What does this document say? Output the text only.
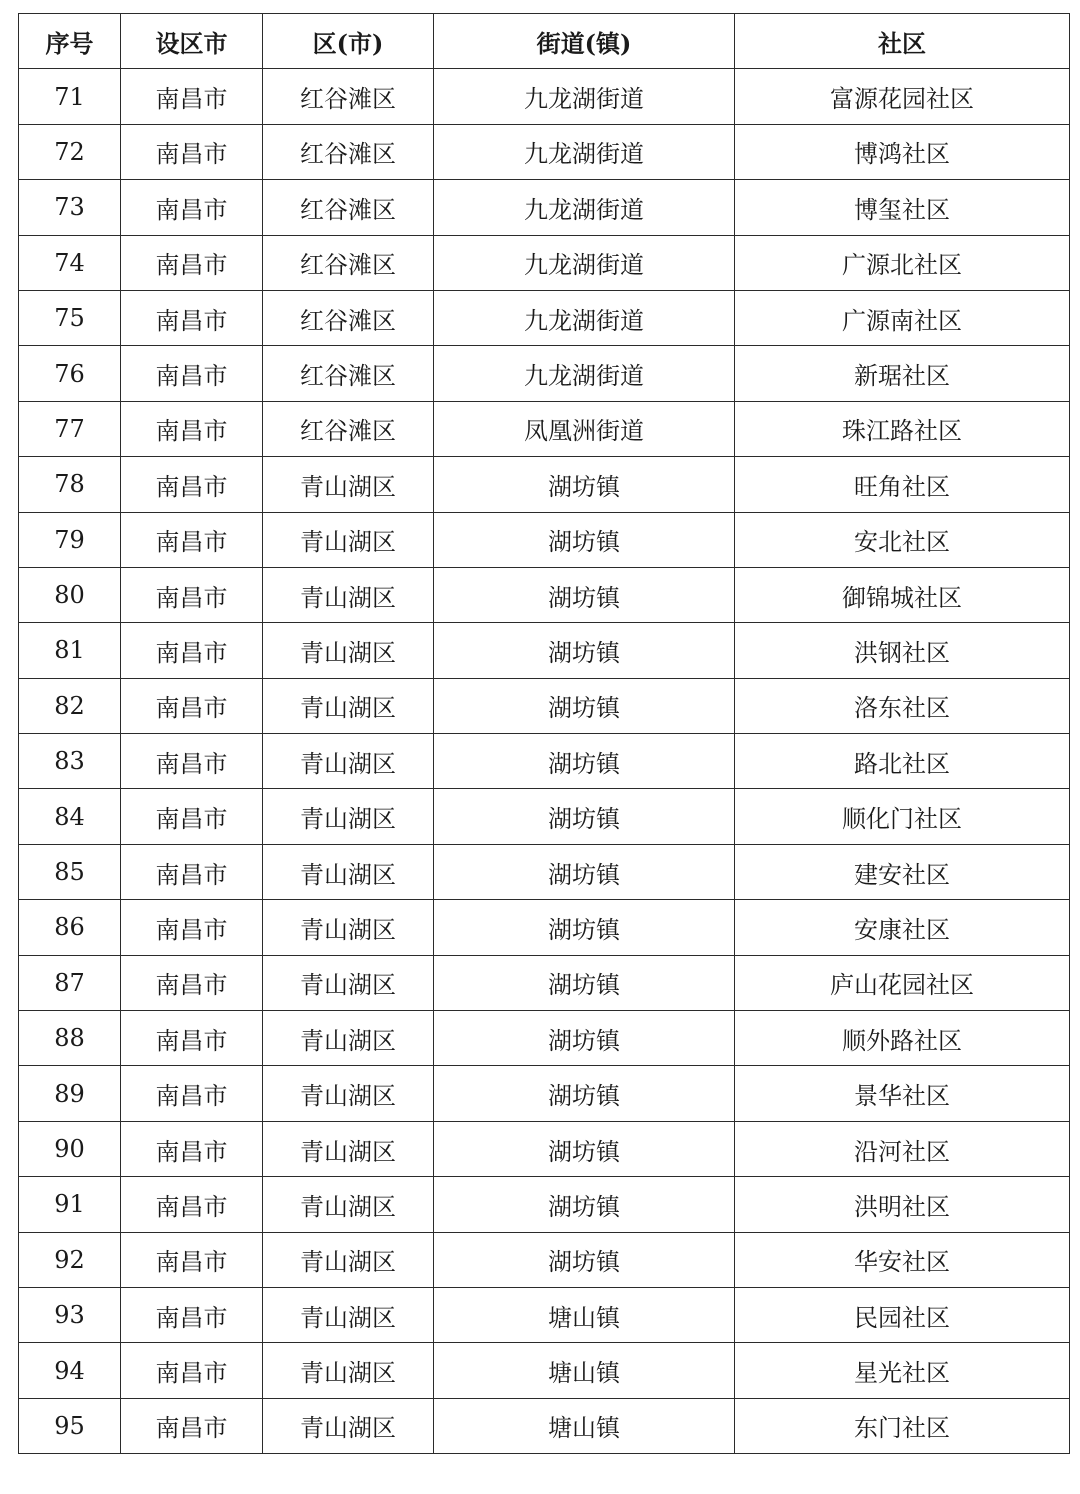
序号	设区市	区(市)	街道(镇)	社区
71	南昌市	红谷滩区	九龙湖街道	富源花园社区
72	南昌市	红谷滩区	九龙湖街道	博鸿社区
73	南昌市	红谷滩区	九龙湖街道	博玺社区
74	南昌市	红谷滩区	九龙湖街道	广源北社区
75	南昌市	红谷滩区	九龙湖街道	广源南社区
76	南昌市	红谷滩区	九龙湖街道	新琚社区
77	南昌市	红谷滩区	凤凰洲街道	珠江路社区
78	南昌市	青山湖区	湖坊镇	旺角社区
79	南昌市	青山湖区	湖坊镇	安北社区
80	南昌市	青山湖区	湖坊镇	御锦城社区
81	南昌市	青山湖区	湖坊镇	洪钢社区
82	南昌市	青山湖区	湖坊镇	洛东社区
83	南昌市	青山湖区	湖坊镇	路北社区
84	南昌市	青山湖区	湖坊镇	顺化门社区
85	南昌市	青山湖区	湖坊镇	建安社区
86	南昌市	青山湖区	湖坊镇	安康社区
87	南昌市	青山湖区	湖坊镇	庐山花园社区
88	南昌市	青山湖区	湖坊镇	顺外路社区
89	南昌市	青山湖区	湖坊镇	景华社区
90	南昌市	青山湖区	湖坊镇	沿河社区
91	南昌市	青山湖区	湖坊镇	洪明社区
92	南昌市	青山湖区	湖坊镇	华安社区
93	南昌市	青山湖区	塘山镇	民园社区
94	南昌市	青山湖区	塘山镇	星光社区
95	南昌市	青山湖区	塘山镇	东门社区
